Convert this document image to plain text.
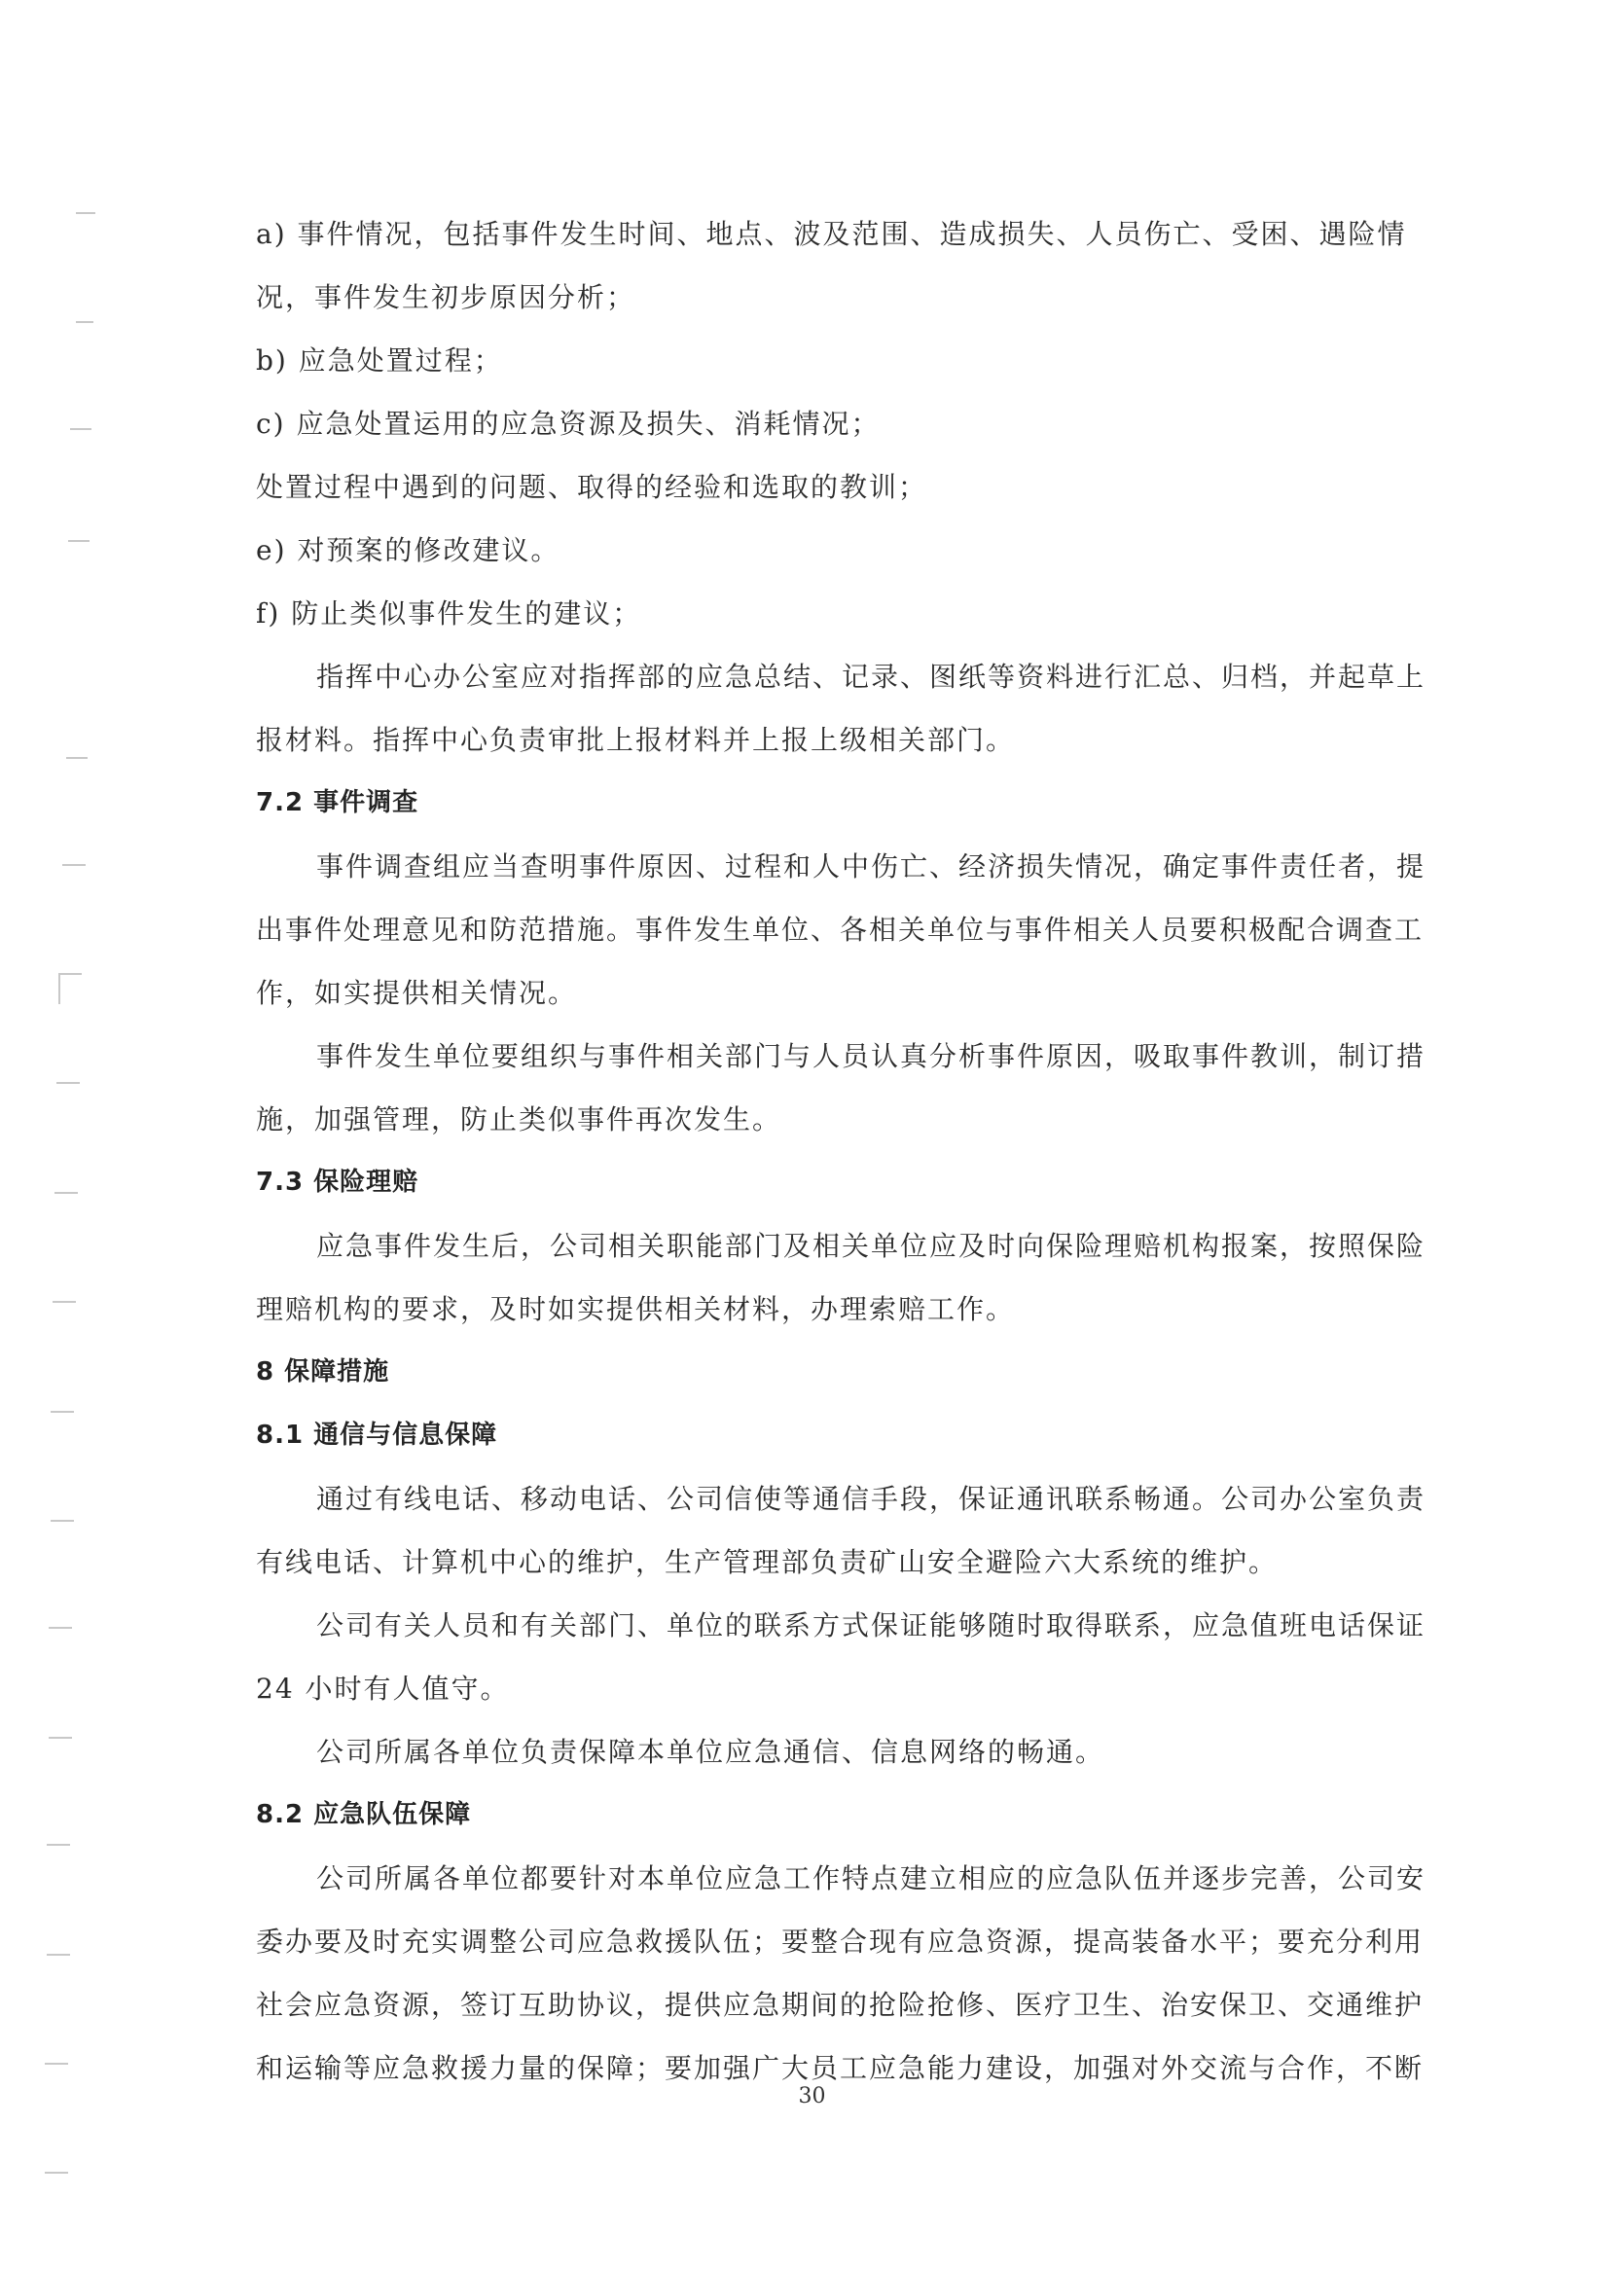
a) 事件情况，包括事件发生时间、地点、波及范围、造成损失、人员伤亡、受困、遇险情
况，事件发生初步原因分析；
b) 应急处置过程；
c) 应急处置运用的应急资源及损失、消耗情况；
处置过程中遇到的问题、取得的经验和选取的教训；
e) 对预案的修改建议。
f) 防止类似事件发生的建议；
指挥中心办公室应对指挥部的应急总结、记录、图纸等资料进行汇总、归档，并起草上
报材料。指挥中心负责审批上报材料并上报上级相关部门。
7.2 事件调查
事件调查组应当查明事件原因、过程和人中伤亡、经济损失情况，确定事件责任者，提
出事件处理意见和防范措施。事件发生单位、各相关单位与事件相关人员要积极配合调查工
作，如实提供相关情况。
事件发生单位要组织与事件相关部门与人员认真分析事件原因，吸取事件教训，制订措
施，加强管理，防止类似事件再次发生。
7.3 保险理赔
应急事件发生后，公司相关职能部门及相关单位应及时向保险理赔机构报案，按照保险
理赔机构的要求，及时如实提供相关材料，办理索赔工作。
8 保障措施
8.1 通信与信息保障
通过有线电话、移动电话、公司信使等通信手段，保证通讯联系畅通。公司办公室负责
有线电话、计算机中心的维护，生产管理部负责矿山安全避险六大系统的维护。
公司有关人员和有关部门、单位的联系方式保证能够随时取得联系，应急值班电话保证
24 小时有人值守。
公司所属各单位负责保障本单位应急通信、信息网络的畅通。
8.2 应急队伍保障
公司所属各单位都要针对本单位应急工作特点建立相应的应急队伍并逐步完善，公司安
委办要及时充实调整公司应急救援队伍；要整合现有应急资源，提高装备水平；要充分利用
社会应急资源，签订互助协议，提供应急期间的抢险抢修、医疗卫生、治安保卫、交通维护
和运输等应急救援力量的保障；要加强广大员工应急能力建设，加强对外交流与合作，不断
30
